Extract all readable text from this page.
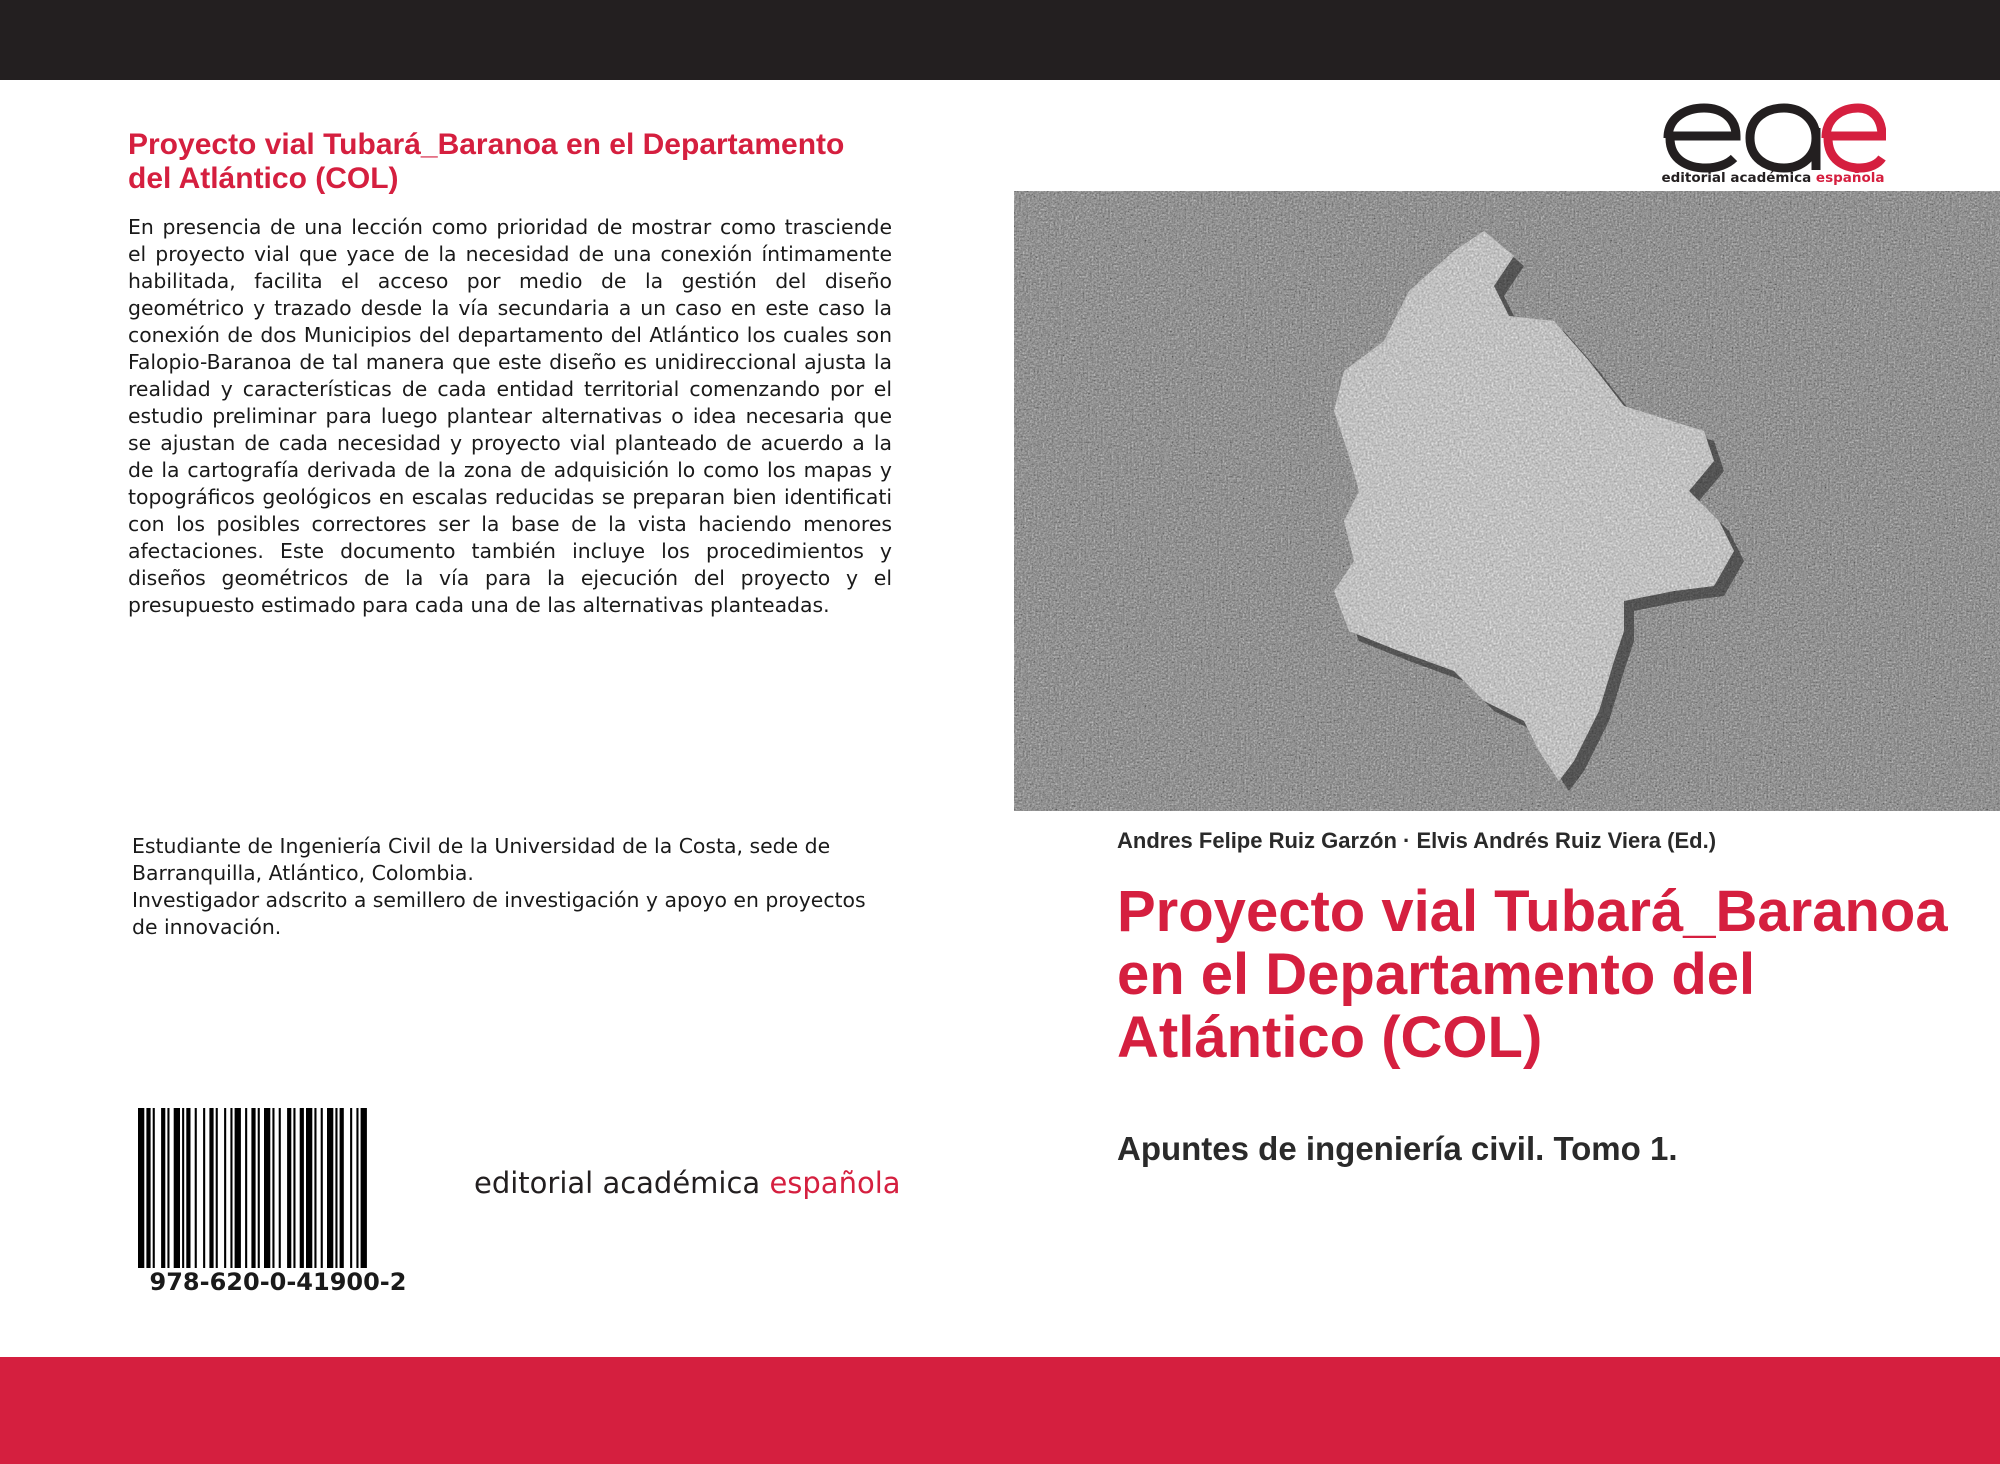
Proyecto vial Tubará_Baranoa en el Departamento del Atlántico (COL)
En presencia de una lección como prioridad de mostrar como trasciende el proyecto vial que yace de la necesidad de una conexión íntimamente habilitada, facilita el acceso por medio de la gestión del diseño geométrico y trazado desde la vía secundaria a un caso en este caso la conexión de dos Municipios del departamento del Atlántico los cuales son Falopio-Baranoa de tal manera que este diseño es unidireccional ajusta la realidad y características de cada entidad territorial comenzando por el estudio preliminar para luego plantear alternativas o idea necesaria que se ajustan de cada necesidad y proyecto vial planteado de acuerdo a la de la cartografía derivada de la zona de adquisición lo como los mapas y topográficos geológicos en escalas reducidas se preparan bien identificati con los posibles correctores ser la base de la vista haciendo menores afectaciones. Este documento también incluye los procedimientos y diseños geométricos de la vía para la ejecución del proyecto y el presupuesto estimado para cada una de las alternativas planteadas.

Estudiante de Ingeniería Civil de la Universidad de la Costa, sede de Barranquilla, Atlántico, Colombia.

Investigador adscrito a semillero de investigación y apoyo en proyectos de innovación.

978-620-0-41900-2
editorial académica española
editorial académica española
Andres Felipe Ruiz Garzón · Elvis Andrés Ruiz Viera (Ed.)
Proyecto vial Tubará_Baranoa en el Departamento del Atlántico (COL)
Apuntes de ingeniería civil. Tomo 1.
